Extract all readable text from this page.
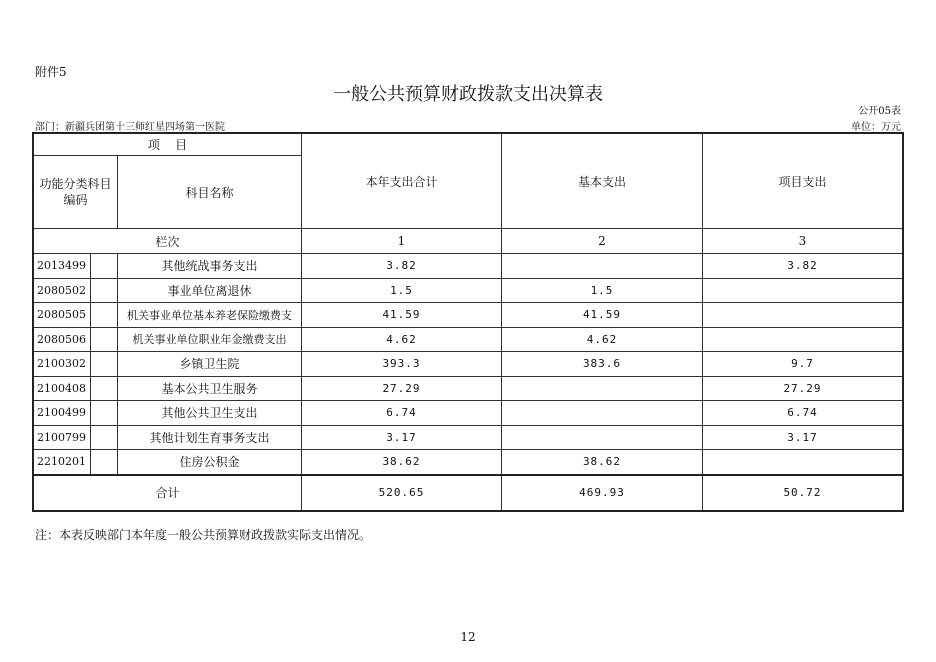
附件5
一般公共预算财政拨款支出决算表
公开05表
部门：新疆兵团第十三师红星四场第一医院	单位：万元
项    目			本年支出合计	基本支出	项目支出
功能分类科目编码		科目名称			
栏次			1	2	3
2013499		其他统战事务支出	3.82		3.82
2080502		事业单位离退休	1.5	1.5	
2080505		机关事业单位基本养老保险缴费支	41.59	41.59	
2080506		机关事业单位职业年金缴费支出	4.62	4.62	
2100302		乡镇卫生院	393.3	383.6	9.7
2100408		基本公共卫生服务	27.29		27.29
2100499		其他公共卫生支出	6.74		6.74
2100799		其他计划生育事务支出	3.17		3.17
2210201		住房公积金	38.62	38.62	
合计			520.65	469.93	50.72
注：本表反映部门本年度一般公共预算财政拨款实际支出情况。
12
